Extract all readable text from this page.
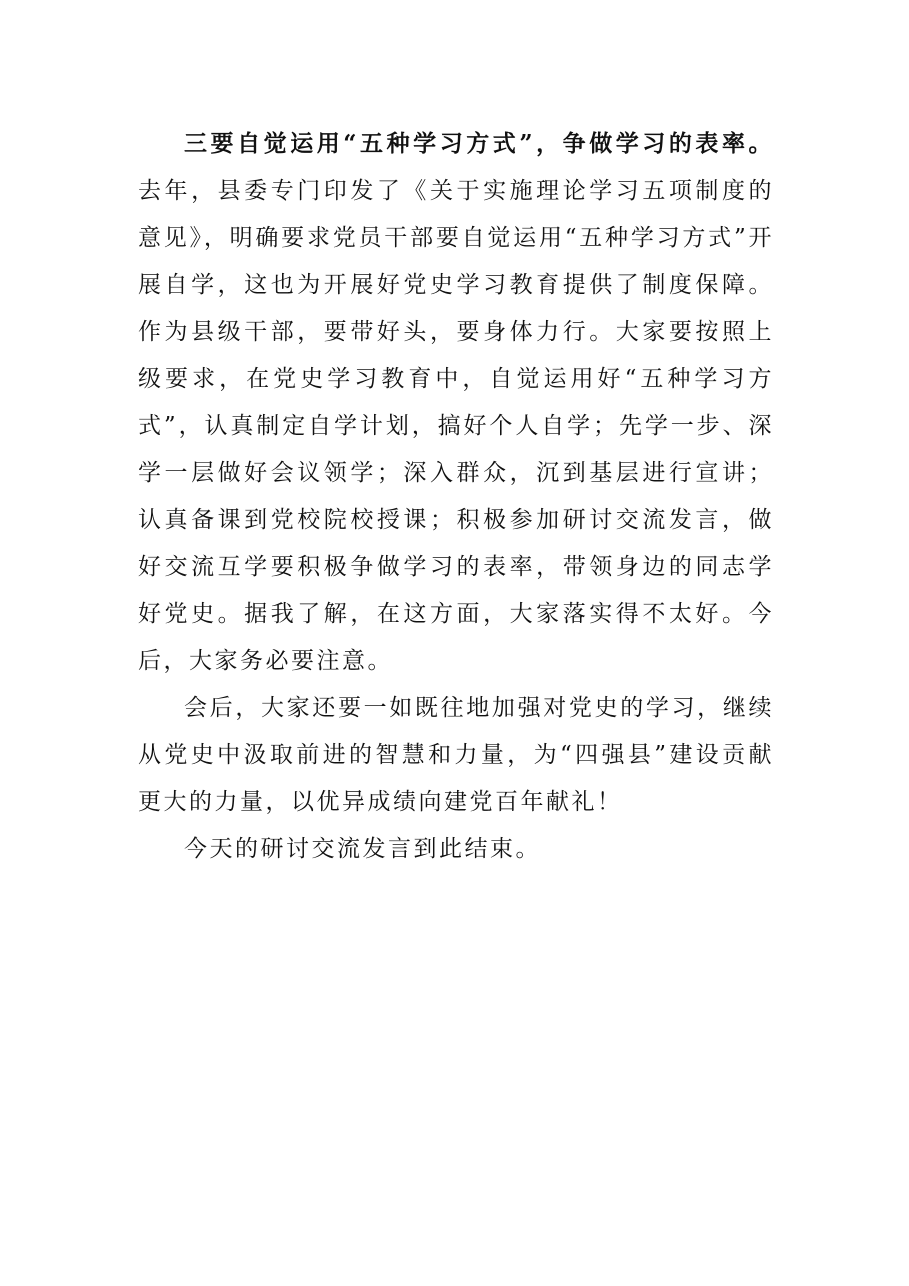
三要自觉运用“五种学习方式”，争做学习的表率。去年，县委专门印发了《关于实施理论学习五项制度的意见》，明确要求党员干部要自觉运用“五种学习方式”开展自学，这也为开展好党史学习教育提供了制度保障。作为县级干部，要带好头，要身体力行。大家要按照上级要求，在党史学习教育中，自觉运用好“五种学习方式”，认真制定自学计划，搞好个人自学；先学一步、深学一层做好会议领学；深入群众，沉到基层进行宣讲；认真备课到党校院校授课；积极参加研讨交流发言，做好交流互学要积极争做学习的表率，带领身边的同志学好党史。据我了解，在这方面，大家落实得不太好。今后，大家务必要注意。

会后，大家还要一如既往地加强对党史的学习，继续从党史中汲取前进的智慧和力量，为“四强县”建设贡献更大的力量，以优异成绩向建党百年献礼！

今天的研讨交流发言到此结束。
